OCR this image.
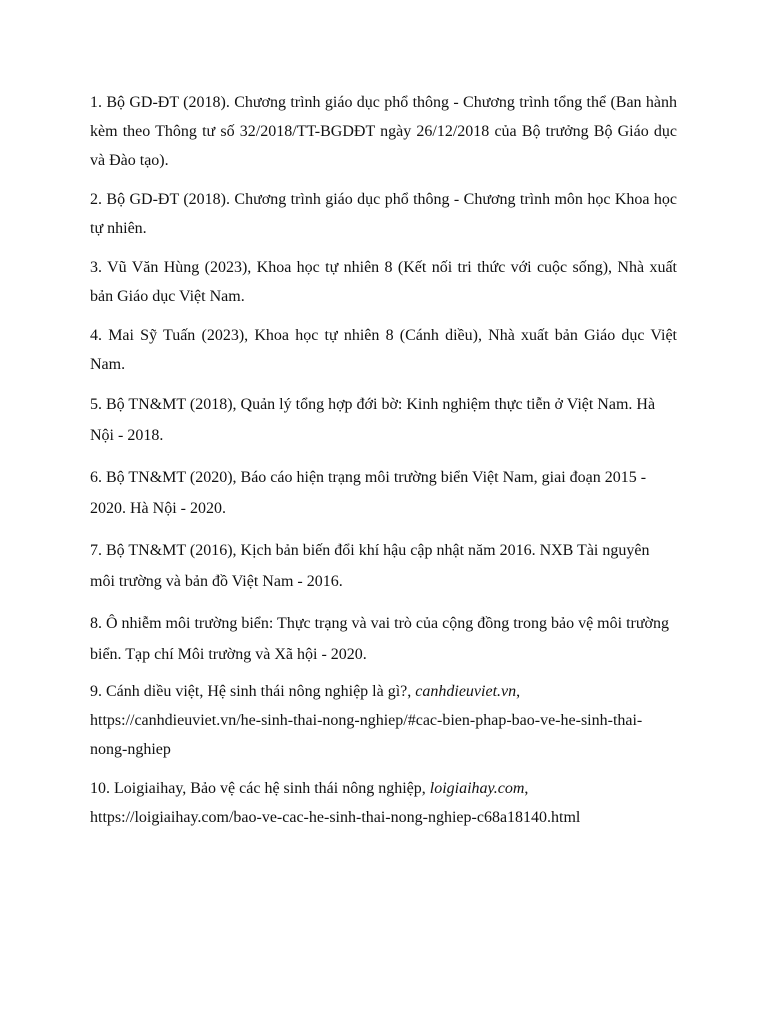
1. Bộ GD-ĐT (2018). Chương trình giáo dục phổ thông - Chương trình tổng thể (Ban hành kèm theo Thông tư số 32/2018/TT-BGDĐT ngày 26/12/2018 của Bộ trưởng Bộ Giáo dục và Đào tạo).

2. Bộ GD-ĐT (2018). Chương trình giáo dục phổ thông - Chương trình môn học Khoa học tự nhiên.

3. Vũ Văn Hùng (2023), Khoa học tự nhiên 8 (Kết nối tri thức với cuộc sống), Nhà xuất bản Giáo dục Việt Nam.

4. Mai Sỹ Tuấn (2023), Khoa học tự nhiên 8 (Cánh diều), Nhà xuất bản Giáo dục Việt Nam.

5. Bộ TN&MT (2018), Quản lý tổng hợp đới bờ: Kinh nghiệm thực tiễn ở Việt Nam. Hà Nội - 2018.

6. Bộ TN&MT (2020), Báo cáo hiện trạng môi trường biển Việt Nam, giai đoạn 2015 - 2020. Hà Nội - 2020.

7. Bộ TN&MT (2016), Kịch bản biến đổi khí hậu cập nhật năm 2016. NXB Tài nguyên môi trường và bản đồ Việt Nam - 2016.

8. Ô nhiễm môi trường biển: Thực trạng và vai trò của cộng đồng trong bảo vệ môi trường biển. Tạp chí Môi trường và Xã hội - 2020.

9. Cánh diều việt, Hệ sinh thái nông nghiệp là gì?, canhdieuviet.vn,
https://canhdieuviet.vn/he-sinh-thai-nong-nghiep/#cac-bien-phap-bao-ve-he-sinh-thai-nong-nghiep

10. Loigiaihay, Bảo vệ các hệ sinh thái nông nghiệp, loigiaihay.com,
https://loigiaihay.com/bao-ve-cac-he-sinh-thai-nong-nghiep-c68a18140.html
